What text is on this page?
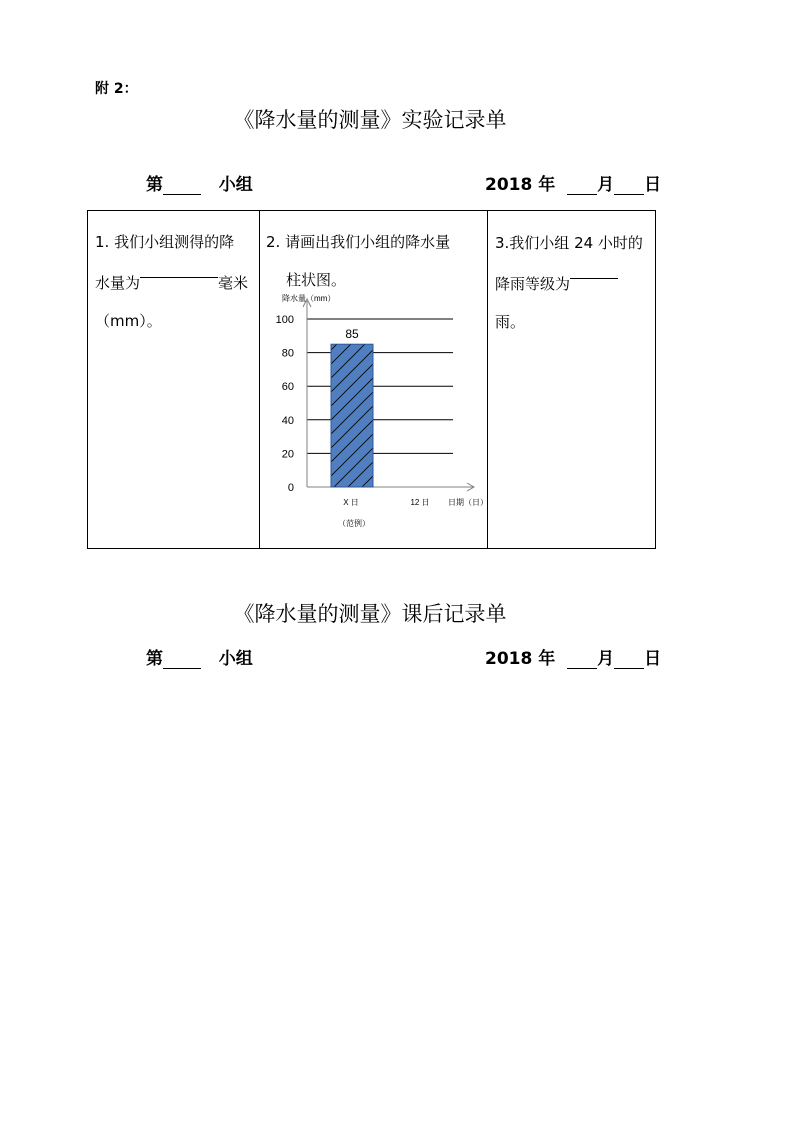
附 2：
《降水量的测量》实验记录单
第	小组	2018 年 月 日
1. 我们小组测得的降
水量为	毫米
（mm）。

2. 请画出我们小组的降水量
柱状图。
0
20
40
60
80
100
降水量（mm）
日期（日）
X 日	12 日
（范例）
85

3.我们小组 24 小时的
降雨等级为
雨。
《降水量的测量》课后记录单
第	小组	2018 年 月 日
